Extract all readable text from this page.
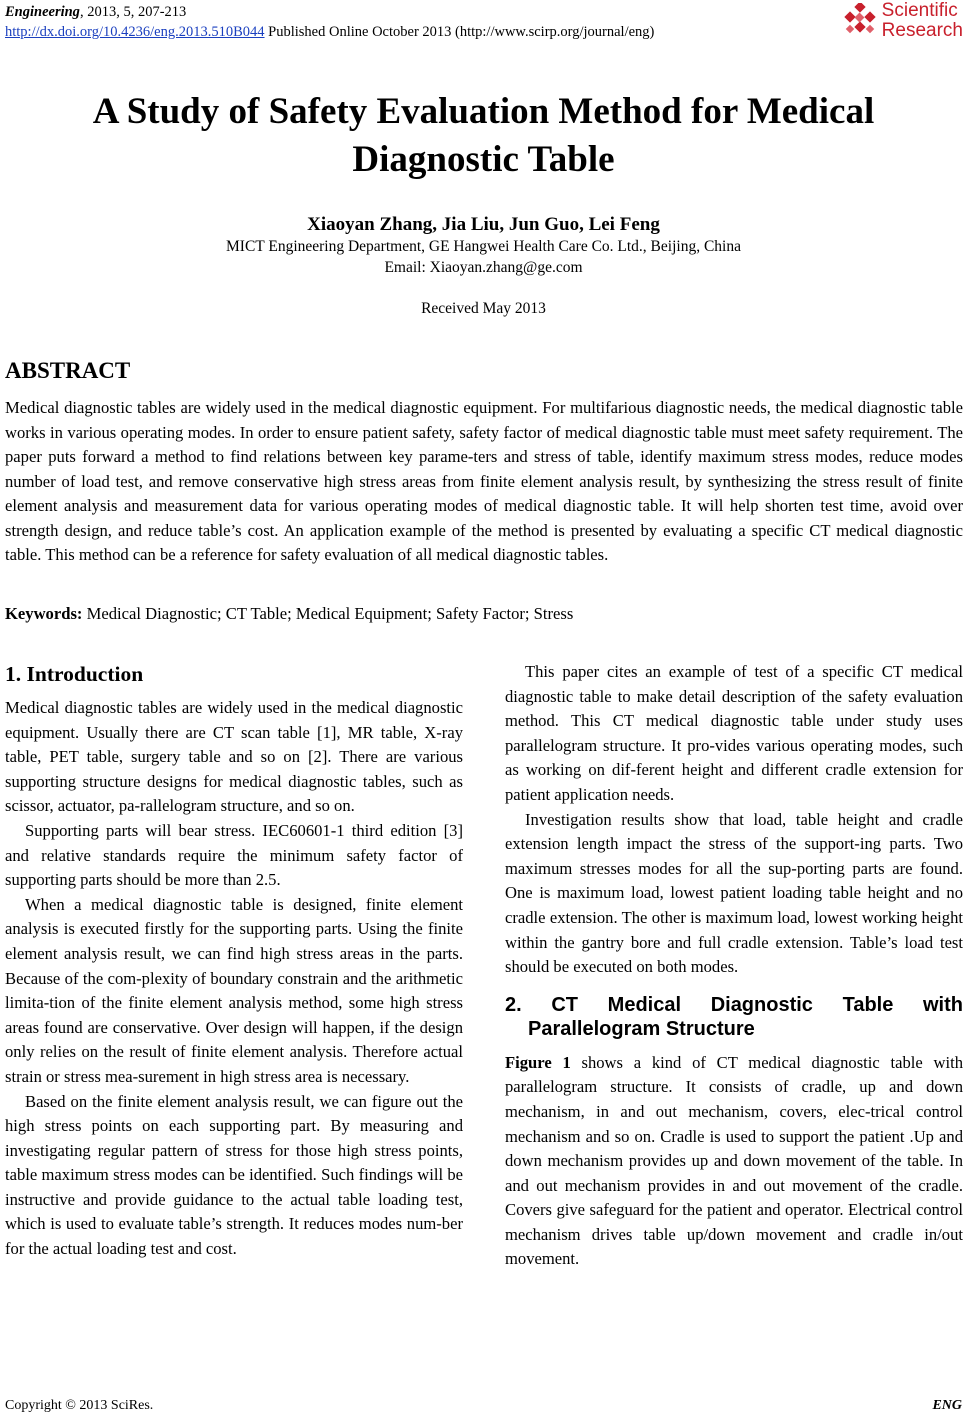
Engineering, 2013, 5, 207-213
http://dx.doi.org/10.4236/eng.2013.510B044 Published Online October 2013 (http://www.scirp.org/journal/eng)
Scientific
Research
A Study of Safety Evaluation Method for Medical Diagnostic Table
Xiaoyan Zhang, Jia Liu, Jun Guo, Lei Feng
MICT Engineering Department, GE Hangwei Health Care Co. Ltd., Beijing, China
Email: Xiaoyan.zhang@ge.com
Received May 2013
ABSTRACT
Medical diagnostic tables are widely used in the medical diagnostic equipment. For multifarious diagnostic needs, the medical diagnostic table works in various operating modes. In order to ensure patient safety, safety factor of medical diagnostic table must meet safety requirement. The paper puts forward a method to find relations between key parame-ters and stress of table, identify maximum stress modes, reduce modes number of load test, and remove conservative high stress areas from finite element analysis result, by synthesizing the stress result of finite element analysis and measurement data for various operating modes of medical diagnostic table. It will help shorten test time, avoid over strength design, and reduce table’s cost. An application example of the method is presented by evaluating a specific CT medical diagnostic table. This method can be a reference for safety evaluation of all medical diagnostic tables.
Keywords: Medical Diagnostic; CT Table; Medical Equipment; Safety Factor; Stress
1. Introduction

Medical diagnostic tables are widely used in the medical diagnostic equipment. Usually there are CT scan table [1], MR table, X-ray table, PET table, surgery table and so on [2]. There are various supporting structure designs for medical diagnostic tables, such as scissor, actuator, pa-rallelogram structure, and so on.

Supporting parts will bear stress. IEC60601-1 third edition [3] and relative standards require the minimum safety factor of supporting parts should be more than 2.5.

When a medical diagnostic table is designed, finite element analysis is executed firstly for the supporting parts. Using the finite element analysis result, we can find high stress areas in the parts. Because of the com-plexity of boundary constrain and the arithmetic limita-tion of the finite element analysis method, some high stress areas found are conservative. Over design will happen, if the design only relies on the result of finite element analysis. Therefore actual strain or stress mea-surement in high stress area is necessary.

Based on the finite element analysis result, we can figure out the high stress points on each supporting part. By measuring and investigating regular pattern of stress for those high stress points, table maximum stress modes can be identified. Such findings will be instructive and provide guidance to the actual table loading test, which is used to evaluate table’s strength. It reduces modes num-ber for the actual loading test and cost.

This paper cites an example of test of a specific CT medical diagnostic table to make detail description of the safety evaluation method. This CT medical diagnostic table under study uses parallelogram structure. It pro-vides various operating modes, such as working on dif-ferent height and different cradle extension for patient application needs.

Investigation results show that load, table height and cradle extension length impact the stress of the support-ing parts. Two maximum stresses modes for all the sup-porting parts are found. One is maximum load, lowest patient loading table height and no cradle extension. The other is maximum load, lowest working height within the gantry bore and full cradle extension. Table’s load test should be executed on both modes.

2. CT Medical Diagnostic Table with Parallelogram Structure

Figure 1 shows a kind of CT medical diagnostic table with parallelogram structure. It consists of cradle, up and down mechanism, in and out mechanism, covers, elec-trical control mechanism and so on. Cradle is used to support the patient .Up and down mechanism provides up and down movement of the table. In and out mechanism provides in and out movement of the cradle. Covers give safeguard for the patient and operator. Electrical control mechanism drives table up/down movement and cradle in/out movement.

Copyright © 2013 SciRes.	ENG
